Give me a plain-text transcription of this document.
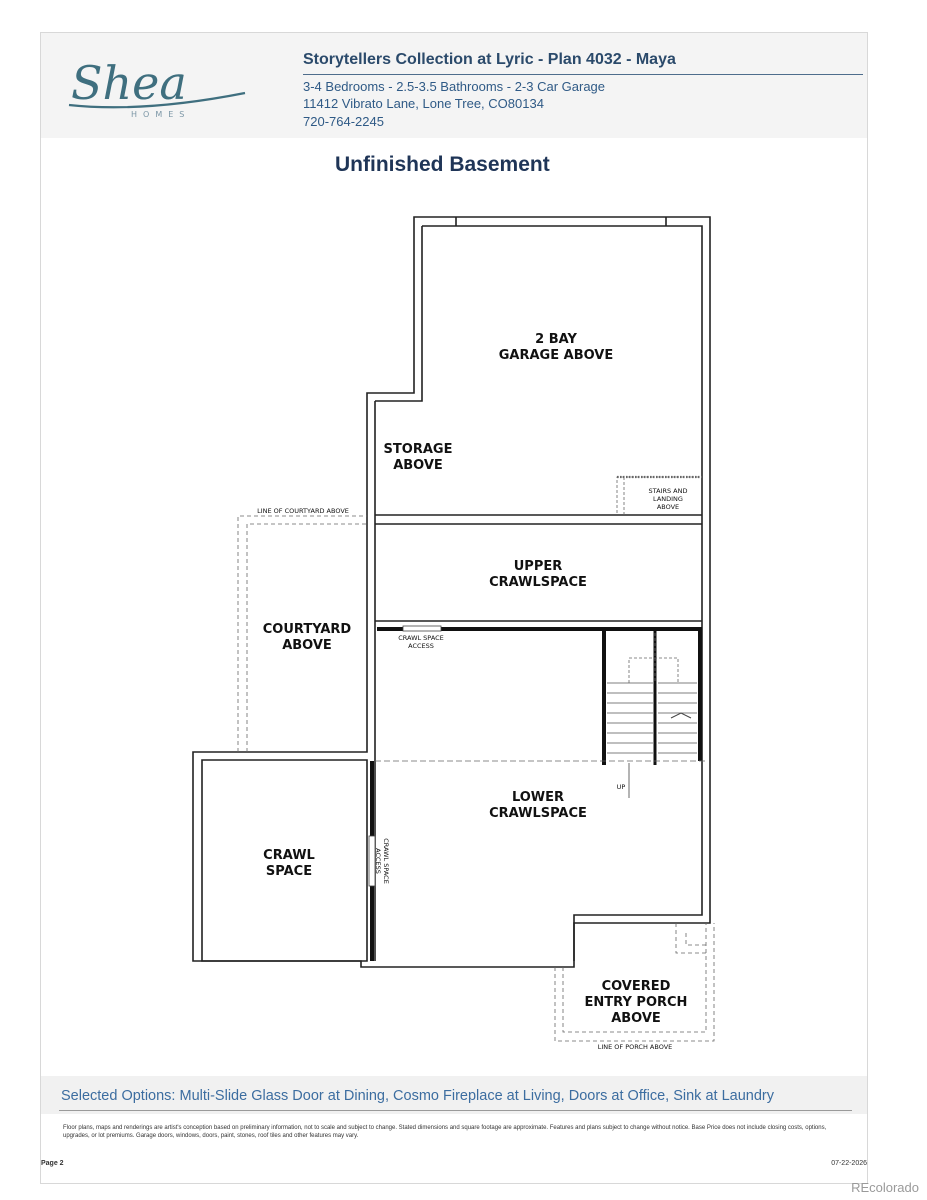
Shea
HOMES
Storytellers Collection at Lyric - Plan 4032 - Maya
3-4 Bedrooms - 2.5-3.5 Bathrooms - 2-3 Car Garage
11412 Vibrato Lane, Lone Tree, CO80134
720-764-2245
Unfinished Basement
2 BAY
GARAGE ABOVE
STORAGE
ABOVE
STAIRS AND
LANDING
ABOVE
UPPER
CRAWLSPACE
COURTYARD
ABOVE
LINE OF COURTYARD ABOVE
CRAWL SPACE
ACCESS
LOWER
CRAWLSPACE
UP
CRAWL
SPACE	CRAWL SPACE
ACCESS
COVERED
ENTRY PORCH
ABOVE
LINE OF PORCH ABOVE
Selected Options: Multi-Slide Glass Door at Dining, Cosmo Fireplace at Living, Doors at Office, Sink at Laundry
Floor plans, maps and renderings are artist's conception based on preliminary information, not to scale and subject to change. Stated dimensions and square footage are approximate. Features and plans subject to change without notice. Base Price does not include closing costs, options, upgrades, or lot premiums. Garage doors, windows, doors, paint, stones, roof tiles and other features may vary.
Page 2	07-22-2026
REcolorado
